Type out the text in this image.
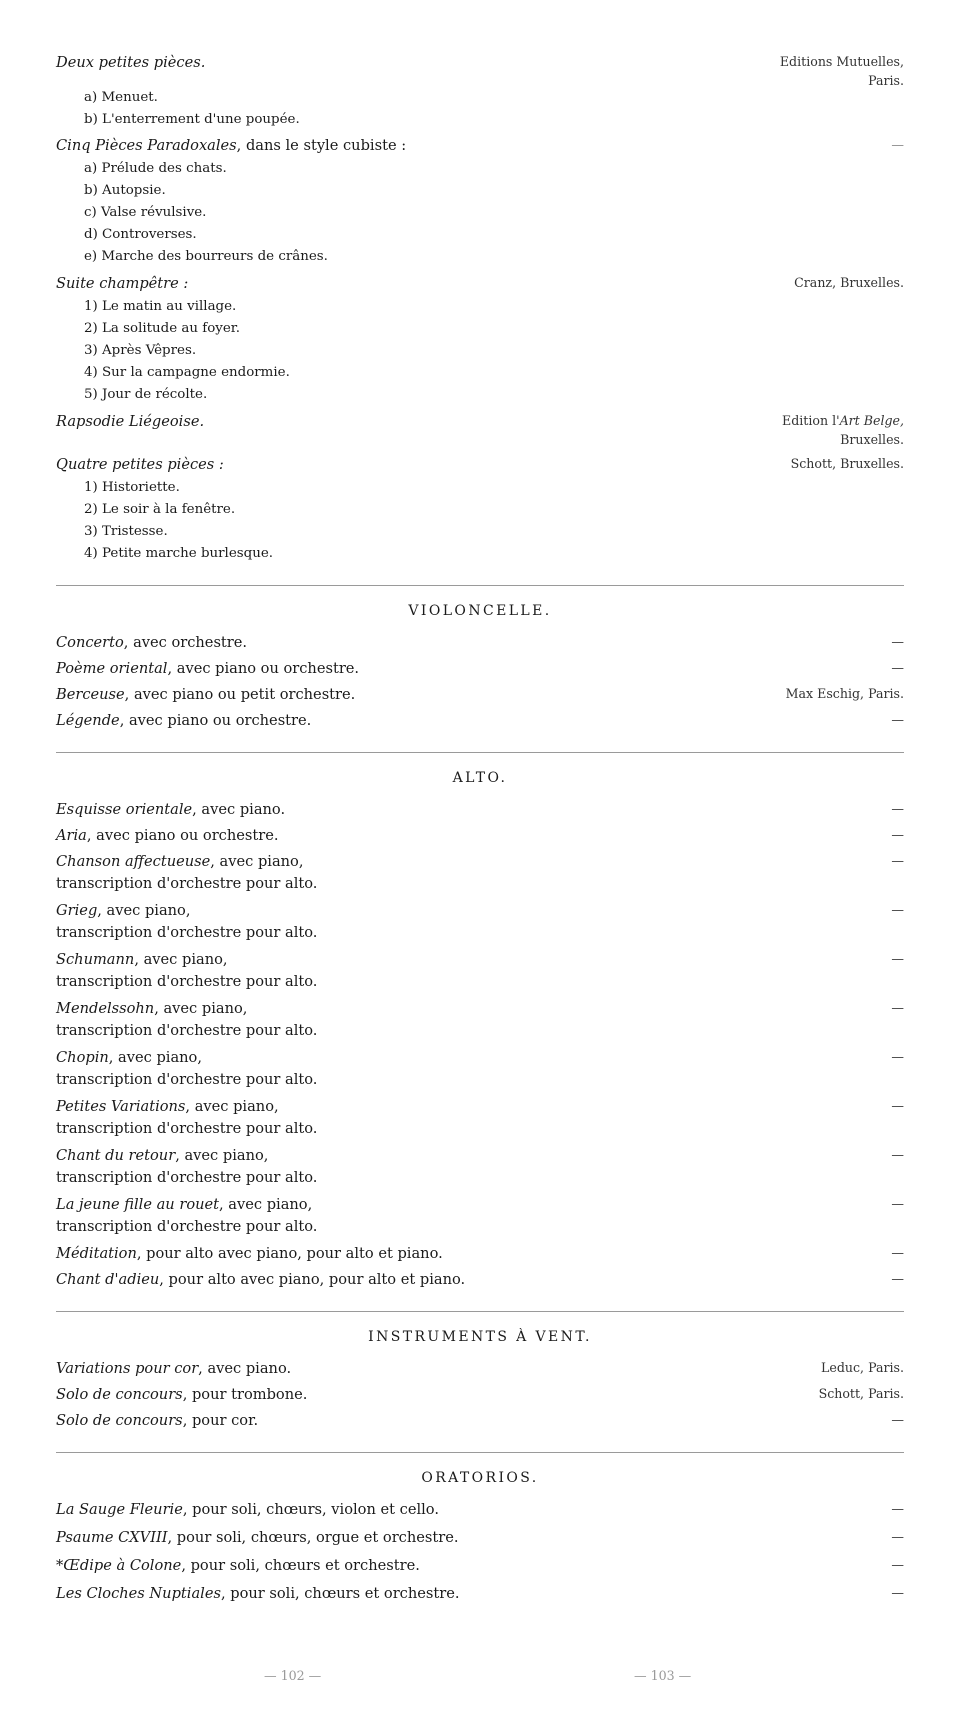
Deux petites pièces.	Editions Mutuelles,
Paris.
a) Menuet.
b) L'enterrement d'une poupée.
Cinq Pièces Paradoxales, dans le style cubiste :	—
a) Prélude des chats.
b) Autopsie.
c) Valse révulsive.
d) Controverses.
e) Marche des bourreurs de crânes.
Suite champêtre :	Cranz, Bruxelles.
1) Le matin au village.
2) La solitude au foyer.
3) Après Vêpres.
4) Sur la campagne endormie.
5) Jour de récolte.
Rapsodie Liégeoise.	Edition l'Art Belge,
Bruxelles.
Quatre petites pièces :	Schott, Bruxelles.
1) Historiette.
2) Le soir à la fenêtre.
3) Tristesse.
4) Petite marche burlesque.
VIOLONCELLE.
Concerto, avec orchestre.	—
Poème oriental, avec piano ou orchestre.	—
Berceuse, avec piano ou petit orchestre.	Max Eschig, Paris.
Légende, avec piano ou orchestre.	—
ALTO.
Esquisse orientale, avec piano.	—
Aria, avec piano ou orchestre.	—
Chanson affectueuse, avec piano,	—
transcription d'orchestre pour alto.
Grieg, avec piano,	—
transcription d'orchestre pour alto.
Schumann, avec piano,	—
transcription d'orchestre pour alto.
Mendelssohn, avec piano,	—
transcription d'orchestre pour alto.
Chopin, avec piano,	—
transcription d'orchestre pour alto.
Petites Variations, avec piano,	—
transcription d'orchestre pour alto.
Chant du retour, avec piano,	—
transcription d'orchestre pour alto.
La jeune fille au rouet, avec piano,	—
transcription d'orchestre pour alto.
Méditation, pour alto avec piano, pour alto et piano.	—
Chant d'adieu, pour alto avec piano, pour alto et piano.	—
INSTRUMENTS À VENT.
Variations pour cor, avec piano.	Leduc, Paris.
Solo de concours, pour trombone.	Schott, Paris.
Solo de concours, pour cor.	—
ORATORIOS.
La Sauge Fleurie, pour soli, chœurs, violon et cello.	—
Psaume CXVIII, pour soli, chœurs, orgue et orchestre.	—
*Œdipe à Colone, pour soli, chœurs et orchestre.	—
Les Cloches Nuptiales, pour soli, chœurs et orchestre.	—
— 102 —	— 103 —
